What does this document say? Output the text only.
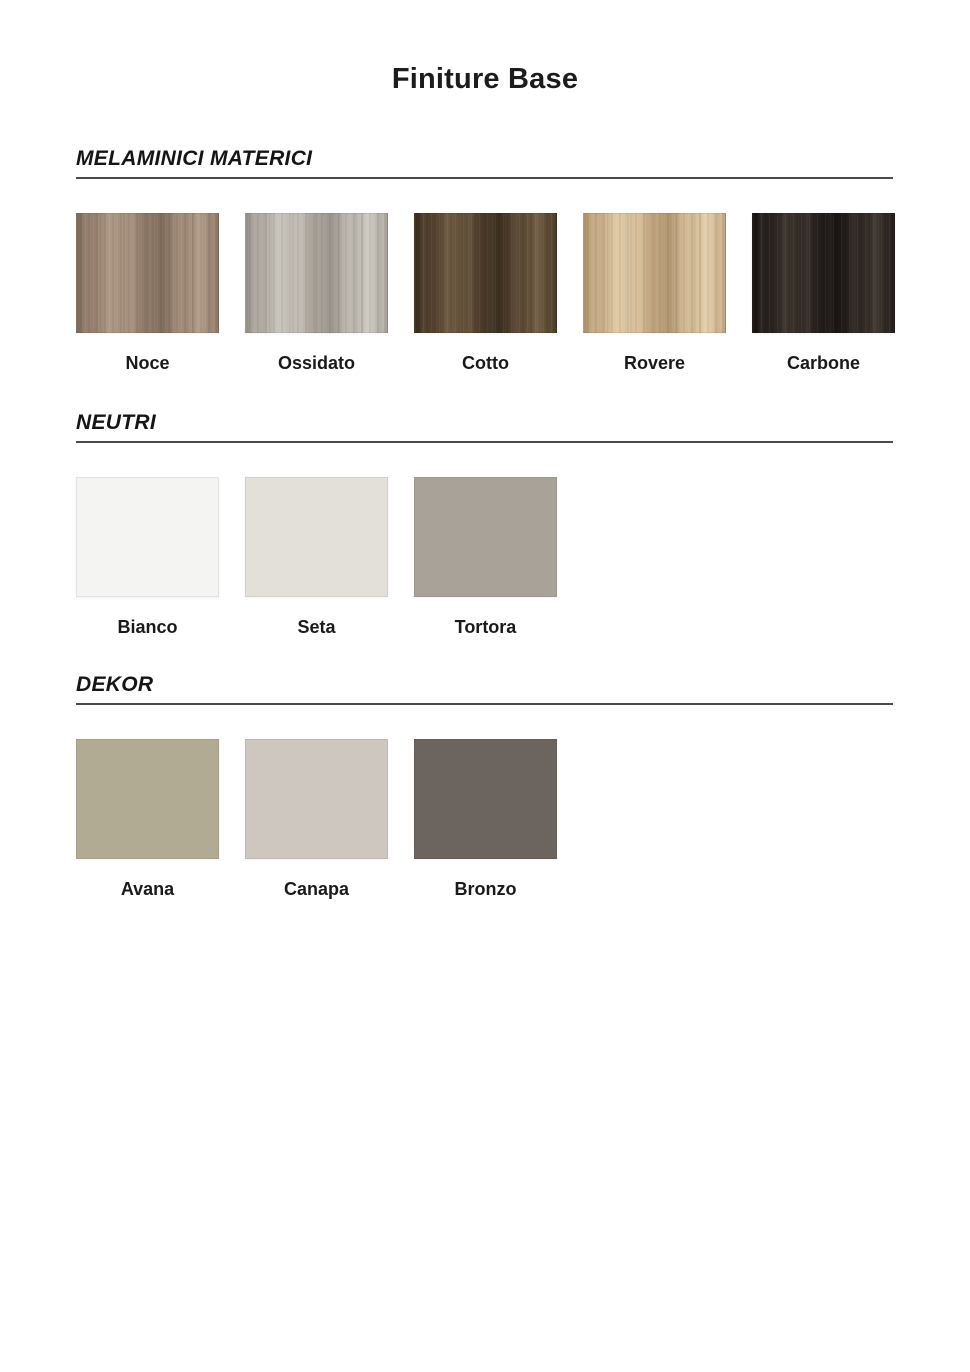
Finiture Base
MELAMINICI MATERICI
Noce	Ossidato	Cotto	Rovere	Carbone
NEUTRI
Bianco	Seta	Tortora
DEKOR
Avana	Canapa	Bronzo
